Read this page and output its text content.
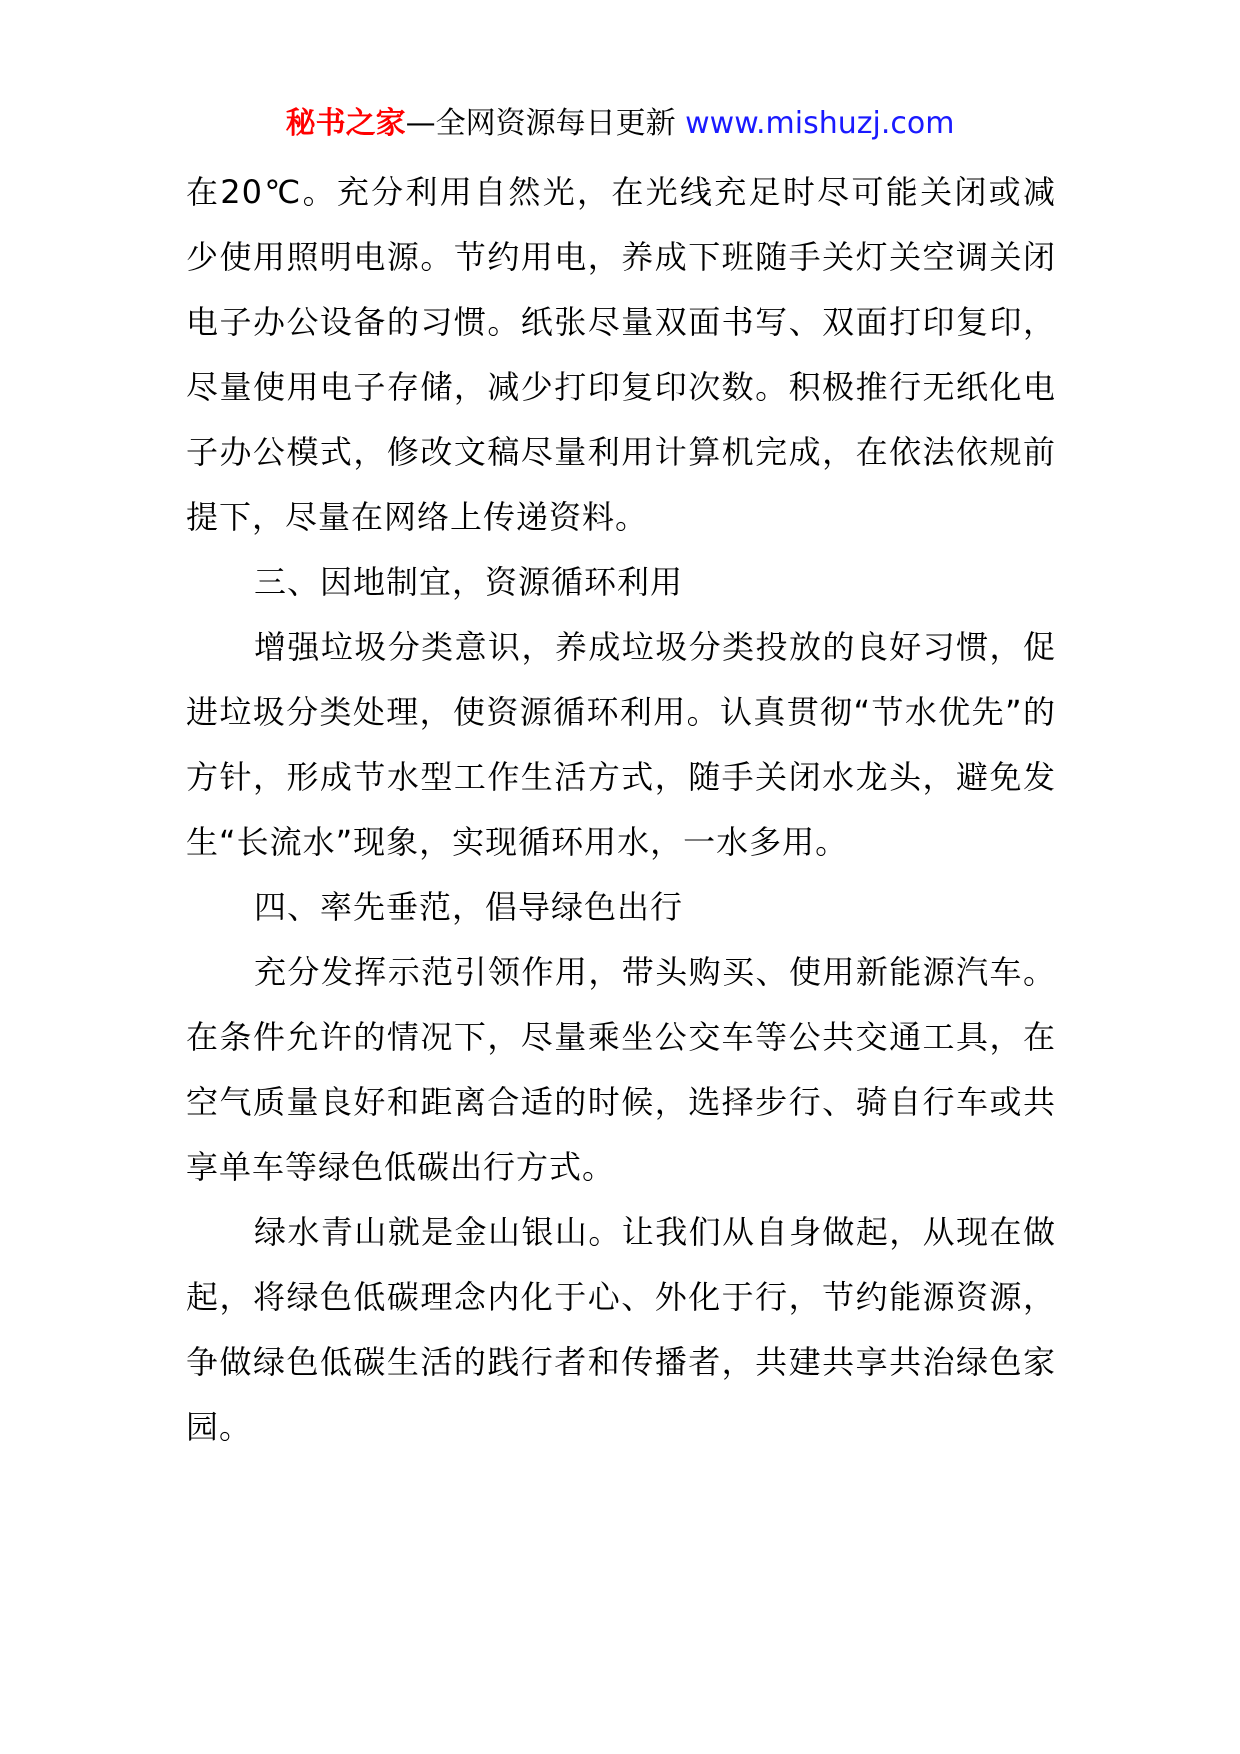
秘书之家—全网资源每日更新 www.mishuzj.com

在20℃。充分利用自然光，在光线充足时尽可能关闭或减少使用照明电源。节约用电，养成下班随手关灯关空调关闭电子办公设备的习惯。纸张尽量双面书写、双面打印复印，尽量使用电子存储，减少打印复印次数。积极推行无纸化电子办公模式，修改文稿尽量利用计算机完成，在依法依规前提下，尽量在网络上传递资料。

三、因地制宜，资源循环利用

增强垃圾分类意识，养成垃圾分类投放的良好习惯，促进垃圾分类处理，使资源循环利用。认真贯彻“节水优先”的方针，形成节水型工作生活方式，随手关闭水龙头，避免发生“长流水”现象，实现循环用水，一水多用。

四、率先垂范，倡导绿色出行

充分发挥示范引领作用，带头购买、使用新能源汽车。在条件允许的情况下，尽量乘坐公交车等公共交通工具，在空气质量良好和距离合适的时候，选择步行、骑自行车或共享单车等绿色低碳出行方式。

绿水青山就是金山银山。让我们从自身做起，从现在做起，将绿色低碳理念内化于心、外化于行，节约能源资源，争做绿色低碳生活的践行者和传播者，共建共享共治绿色家园。
